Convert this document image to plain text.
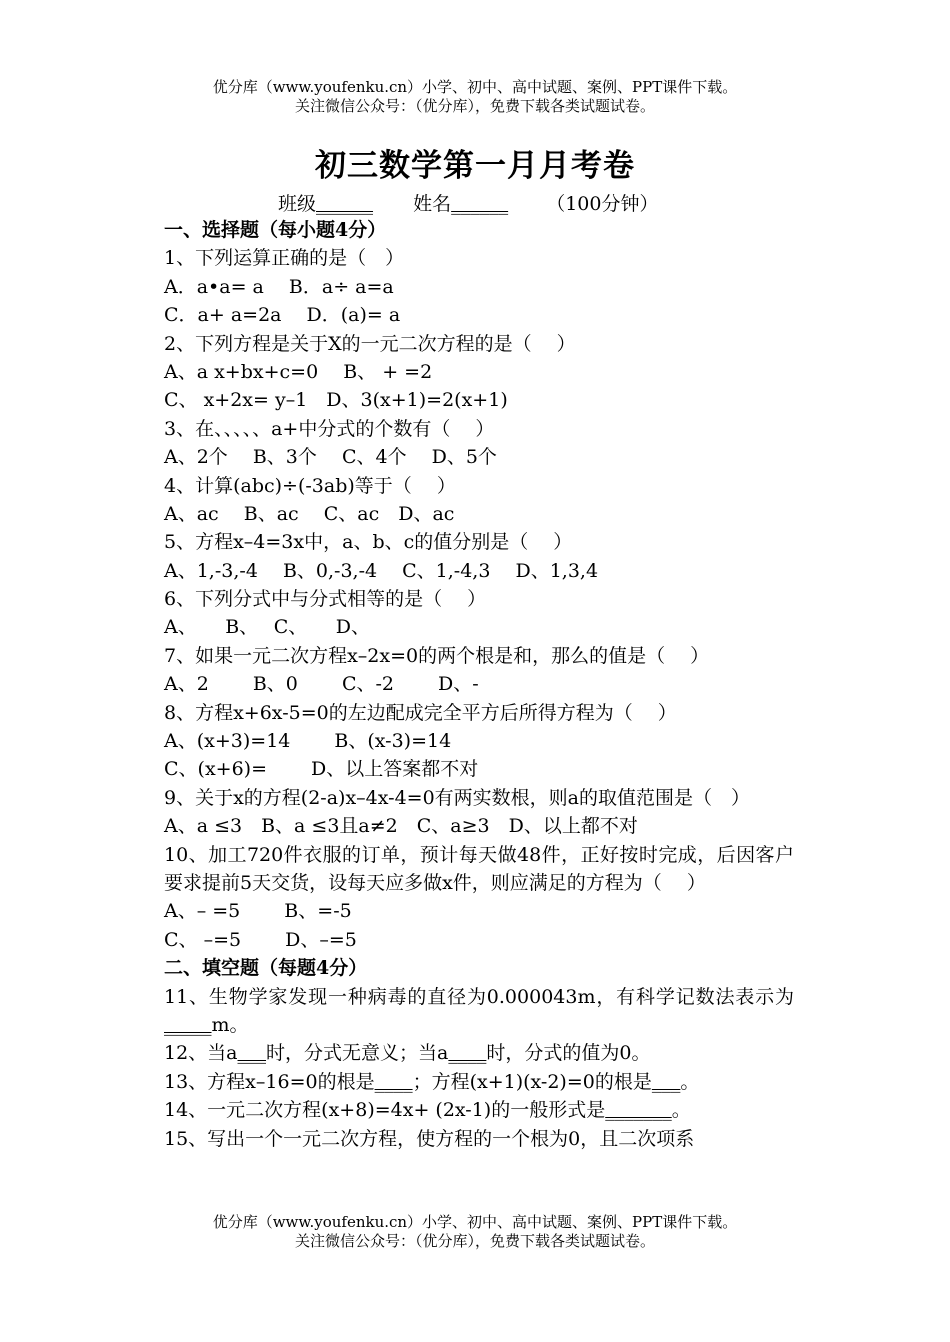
优分库（www.youfenku.cn）小学、初中、高中试题、案例、PPT课件下载。
关注微信公众号：（优分库），免费下载各类试题试卷。
初三数学第一月月考卷
班级______ 姓名______ （100分钟）
一、选择题（每小题4分）
1、下列运算正确的是（　）
A．a•a= a　 B．a÷ a=a
C．a+ a=2a　 D．(a)= a
2、下列方程是关于X的一元二次方程的是（　 ）
A、a x+bx+c=0　 B、 + =2
C、 x+2x= y–1　D、3(x+1)=2(x+1)
3、在、、、、、a+中分式的个数有（　 ）
A、2个　 B、3个　 C、4个　 D、5个
4、计算(abc)÷(-3ab)等于（　 ）
A、ac　 B、ac　 C、ac　D、ac
5、方程x–4=3x中，a、b、c的值分别是（　 ）
A、1,-3,-4　 B、0,-3,-4　 C、1,-4,3　 D、1,3,4
6、下列分式中与分式相等的是（　 ）
A、　　B、　 C、　　D、
7、如果一元二次方程x–2x=0的两个根是和，那么的值是（　 ）
A、2　　 B、0　　 C、-2　　 D、-
8、方程x+6x-5=0的左边配成完全平方后所得方程为（　 ）
A、(x+3)=14　　 B、(x-3)=14
C、(x+6)=　　 D、以上答案都不对
9、关于x的方程(2-a)x–4x-4=0有两实数根，则a的取值范围是（　）
A、a ≤3　B、a ≤3且a≠2　C、a≥3　D、以上都不对
10、加工720件衣服的订单，预计每天做48件，正好按时完成，后因客户要求提前5天交货，设每天应多做x件，则应满足的方程为（　 ）
A、– =5　　 B、=-5
C、 –=5　　 D、–=5
二、填空题（每题4分）
11、生物学家发现一种病毒的直径为0.000043m，有科学记数法表示为_____m。
12、当a___时，分式无意义；当a____时，分式的值为0。
13、方程x–16=0的根是____；方程(x+1)(x-2)=0的根是___。
14、一元二次方程(x+8)=4x+ (2x-1)的一般形式是_______。
15、写出一个一元二次方程，使方程的一个根为0，且二次项系
优分库（www.youfenku.cn）小学、初中、高中试题、案例、PPT课件下载。
关注微信公众号：（优分库），免费下载各类试题试卷。
